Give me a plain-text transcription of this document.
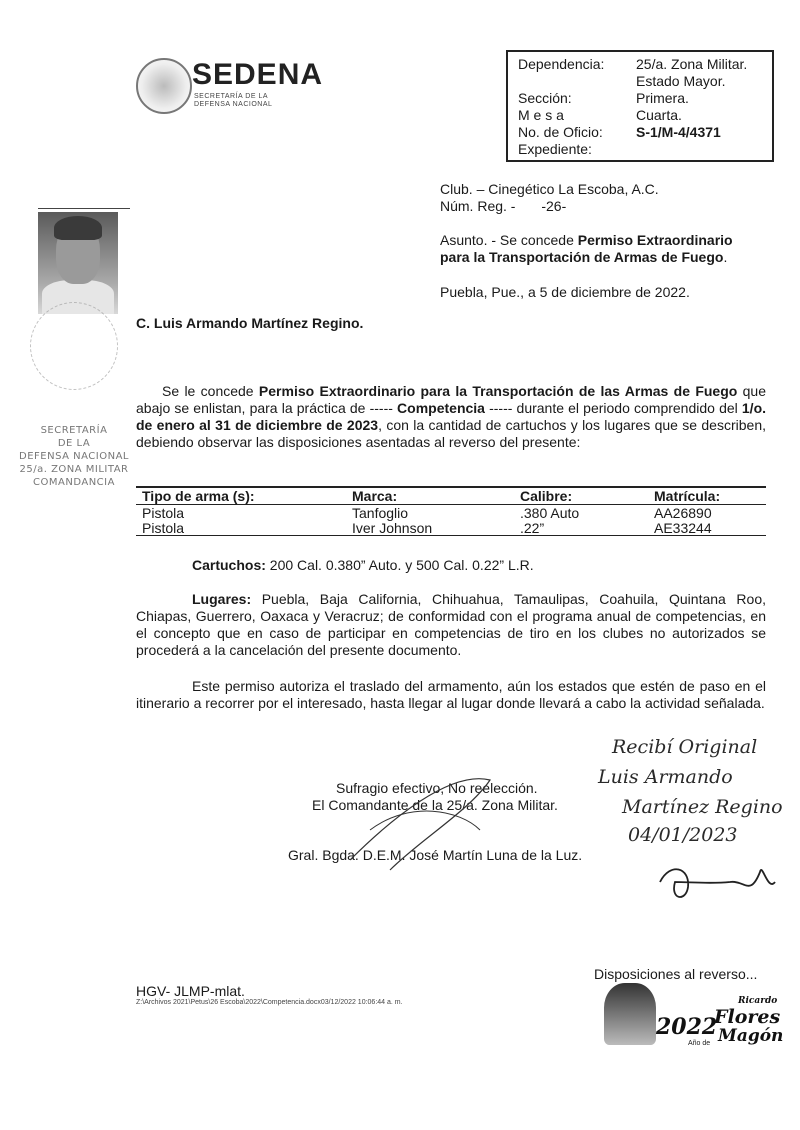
SEDENA
SECRETARÍA DE LA
DEFENSA NACIONAL
Dependencia: 25/a. Zona Militar.
Estado Mayor.
Sección:	Primera.
M e s a	Cuarta.
No. de Oficio: S-1/M-4/4371
Expediente:
Club. – Cinegético La Escoba, A.C.
Núm. Reg. - -26-
Asunto. - Se concede Permiso Extraordinario
para la Transportación de Armas de Fuego.
Puebla, Pue., a 5 de diciembre de 2022.
C. Luis Armando Martínez Regino.
SECRETARÍA
DE LA
DEFENSA NACIONAL
25/a. ZONA MILITAR
COMANDANCIA
Se le concede Permiso Extraordinario para la Transportación de las Armas de Fuego que abajo se enlistan, para la práctica de ----- Competencia ----- durante el periodo comprendido del 1/o. de enero al 31 de diciembre de 2023, con la cantidad de cartuchos y los lugares que se describen, debiendo observar las disposiciones asentadas al reverso del presente:
Tipo de arma (s):	Marca:	Calibre:	Matrícula:
Pistola	Tanfoglio	.380 Auto	AA26890
Pistola	Iver Johnson	.22”	AE33244
Cartuchos: 200 Cal. 0.380” Auto. y 500 Cal. 0.22” L.R.
Lugares: Puebla, Baja California, Chihuahua, Tamaulipas, Coahuila, Quintana Roo, Chiapas, Guerrero, Oaxaca y Veracruz; de conformidad con el programa anual de competencias, en el concepto que en caso de participar en competencias de tiro en los clubes no autorizados se procederá a la cancelación del presente documento.
Este permiso autoriza el traslado del armamento, aún los estados que estén de paso en el itinerario a recorrer por el interesado, hasta llegar al lugar donde llevará a cabo la actividad señalada.
Sufragio efectivo, No reelección.
El Comandante de la 25/a. Zona Militar.
Gral. Bgda. D.E.M. José Martín Luna de la Luz.
Recibí Original
Luis Armando
Martínez Regino
04/01/2023
HGV- JLMP-mlat.
Z:\Archivos 2021\Petus\26 Escoba\2022\Competencia.docx03/12/2022 10:06:44 a. m.
Disposiciones al reverso...
2022
Año de
Ricardo
Flores
Magón
